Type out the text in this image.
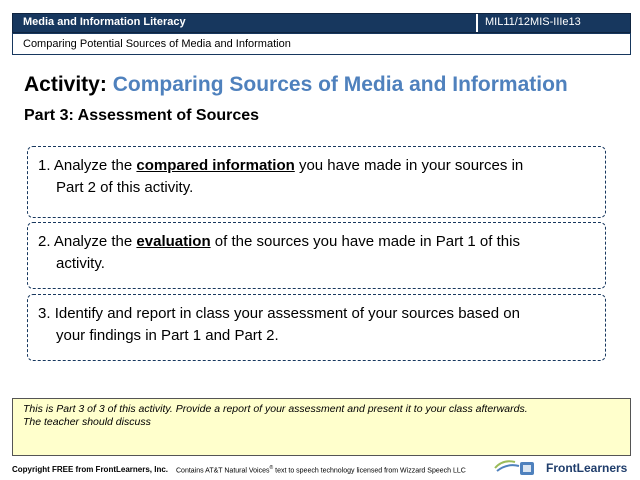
Media and Information Literacy	MIL11/12MIS-IIIe13
Comparing Potential Sources of Media and Information
Activity: Comparing Sources of Media and Information
Part 3: Assessment of Sources
1. Analyze the compared information you have made in your sources in
Part 2 of this activity.
2. Analyze the evaluation of the sources you have made in Part 1 of this
activity.
3. Identify and report in class your assessment of your sources based on
your findings in Part 1 and Part 2.
This is Part 3 of 3 of this activity. Provide a report of your assessment and present it to your class afterwards.
The teacher should discuss
Copyright FREE from FrontLearners, Inc. Contains AT&T Natural Voices® text to speech technology licensed from Wizzard Speech LLC	FrontLearners
